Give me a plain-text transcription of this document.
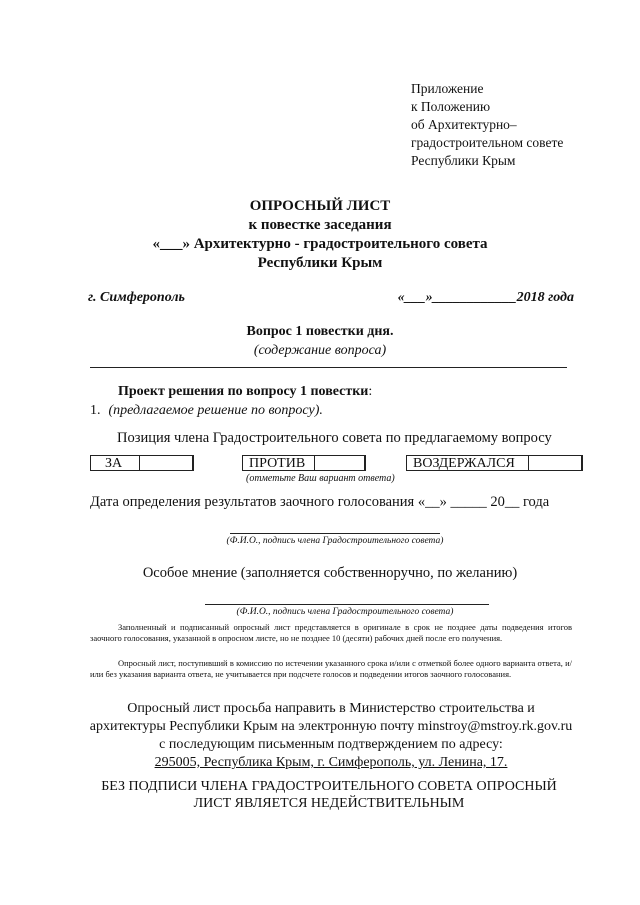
Приложение
к Положению
об Архитектурно–
градостроительном совете
Республики Крым
ОПРОСНЫЙ ЛИСТ
к повестке заседания
«___» Архитектурно - градостроительного совета
Республики Крым
г. Симферополь	«___»____________2018 года
Вопрос 1 повестки дня.
(содержание вопроса)
Проект решения по вопросу 1 повестки:
1. (предлагаемое решение по вопросу).
Позиция члена Градостроительного совета по предлагаемому вопросу
ЗА	ПРОТИВ	ВОЗДЕРЖАЛСЯ
(отметьте Ваш вариант ответа)
Дата определения результатов заочного голосования «__» _____ 20__ года
(Ф.И.О., подпись члена Градостроительного совета)
Особое мнение (заполняется собственноручно, по желанию)
(Ф.И.О., подпись члена Градостроительного совета)

Заполненный и подписанный опросный лист представляется в оригинале в срок не позднее даты подведения итогов заочного голосования, указанной в опросном листе, но не позднее 10 (десяти) рабочих дней после его получения.

Опросный лист, поступивший в комиссию по истечении указанного срока и/или с отметкой более одного варианта ответа, и/или без указания варианта ответа, не учитывается при подсчете голосов и подведении итогов заочного голосования.

Опросный лист просьба направить в Министерство строительства и
архитектуры Республики Крым на электронную почту minstroy@mstroy.rk.gov.ru
с последующим письменным подтверждением по адресу:
295005, Республика Крым, г. Симферополь, ул. Ленина, 17.
БЕЗ ПОДПИСИ ЧЛЕНА ГРАДОСТРОИТЕЛЬНОГО СОВЕТА ОПРОСНЫЙ
ЛИСТ ЯВЛЯЕТСЯ НЕДЕЙСТВИТЕЛЬНЫМ
